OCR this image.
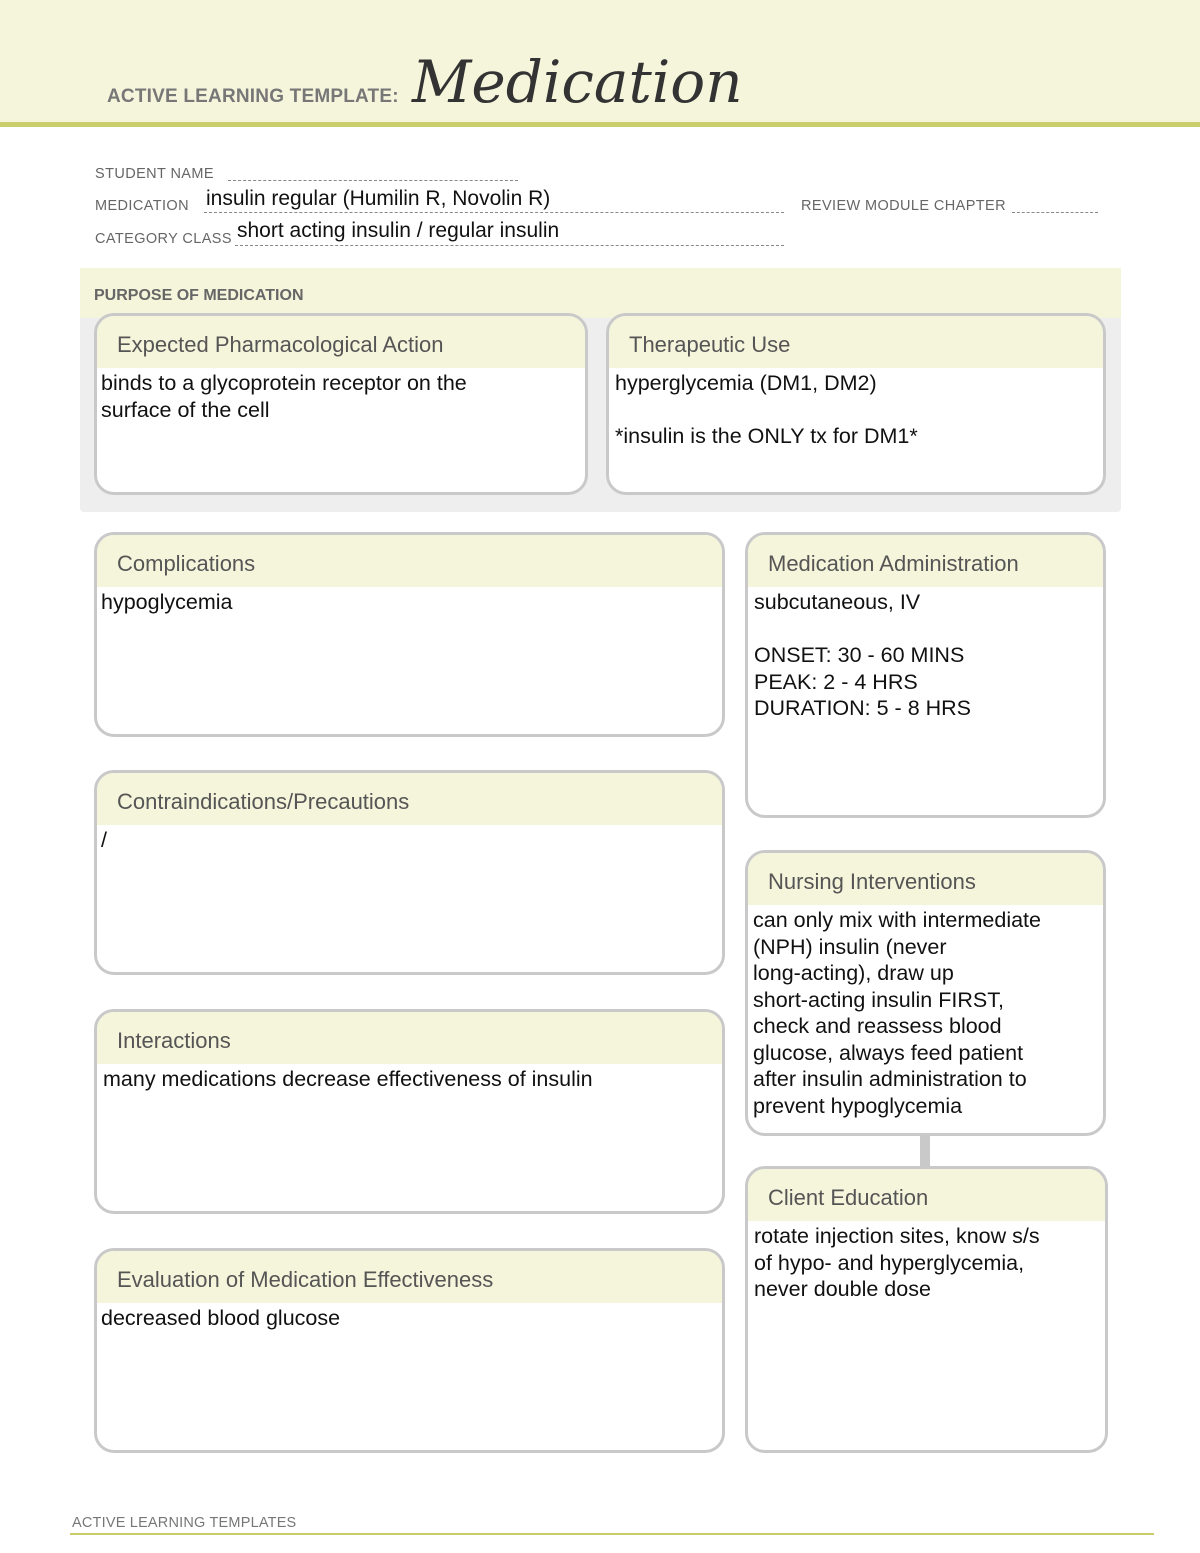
ACTIVE LEARNING TEMPLATE: Medication
STUDENT NAME
MEDICATION insulin regular (Humilin R, Novolin R)	REVIEW MODULE CHAPTER
CATEGORY CLASS short acting insulin / regular insulin
PURPOSE OF MEDICATION
Expected Pharmacological Action
binds to a glycoprotein receptor on the
surface of the cell
Therapeutic Use
hyperglycemia (DM1, DM2)

*insulin is the ONLY tx for DM1*
Complications
hypoglycemia
Contraindications/Precautions
/
Interactions
many medications decrease effectiveness of insulin
Evaluation of Medication Effectiveness
decreased blood glucose
Medication Administration
subcutaneous, IV

ONSET: 30 - 60 MINS
PEAK: 2 - 4 HRS
DURATION: 5 - 8 HRS
Nursing Interventions
can only mix with intermediate
(NPH) insulin (never
long-acting), draw up
short-acting insulin FIRST,
check and reassess blood
glucose, always feed patient
after insulin administration to
prevent hypoglycemia
Client Education
rotate injection sites, know s/s
of hypo- and hyperglycemia,
never double dose
ACTIVE LEARNING TEMPLATES
